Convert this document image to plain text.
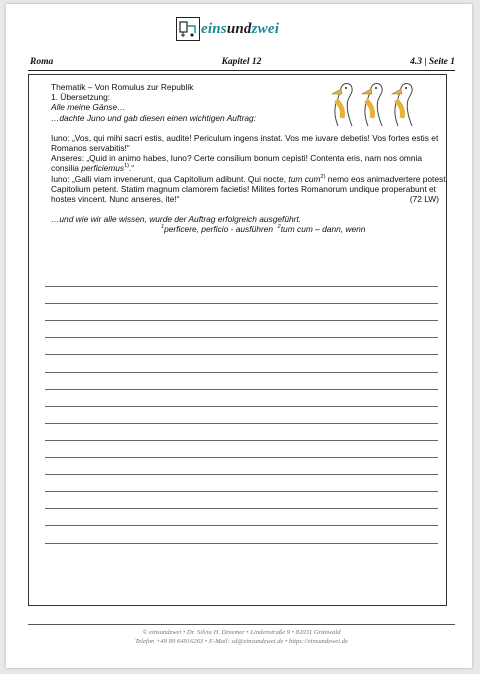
einsundzwei
Roma	Kapitel 12	4.3 | Seite 1

Thematik – Von Romulus zur Republik

1. Übersetzung:

Alle meine Gänse…

…dachte Juno und gab diesen einen wichtigen Auftrag:

Iuno: „Vos, qui mihi sacri estis, audite! Periculum ingens instat. Vos me iuvare debetis! Vos fortes estis et Romanos servabitis!“

Anseres: „Quid in animo habes, Iuno? Certe consilium bonum cepisti! Contenta eris, nam nos omnia consilia perficiemus$^{1)}$.“

Iuno: „Galli viam invenerunt, qua Capitolium adibunt. Qui nocte, tum cum$^{2)}$ nemo eos animadvertere potest, Capitolium petent. Statim magnum clamorem facietis! Milites fortes Romanorum undique properabunt et hostes vincent. Nunc anseres, ite!“	(72 LW)

…und wie wir alle wissen, wurde der Auftrag erfolgreich ausgeführt.

$^1$perficere, perficio - ausführen $^2$tum cum – dann, wenn

© einsundzwei • Dr. Silvia H. Dreemer • Lindenstraße 9 • 82031 Grünwald
Telefon +49 89 64916263 • E-Mail: sd@einsundzwei.de • https://einsundzwei.de
